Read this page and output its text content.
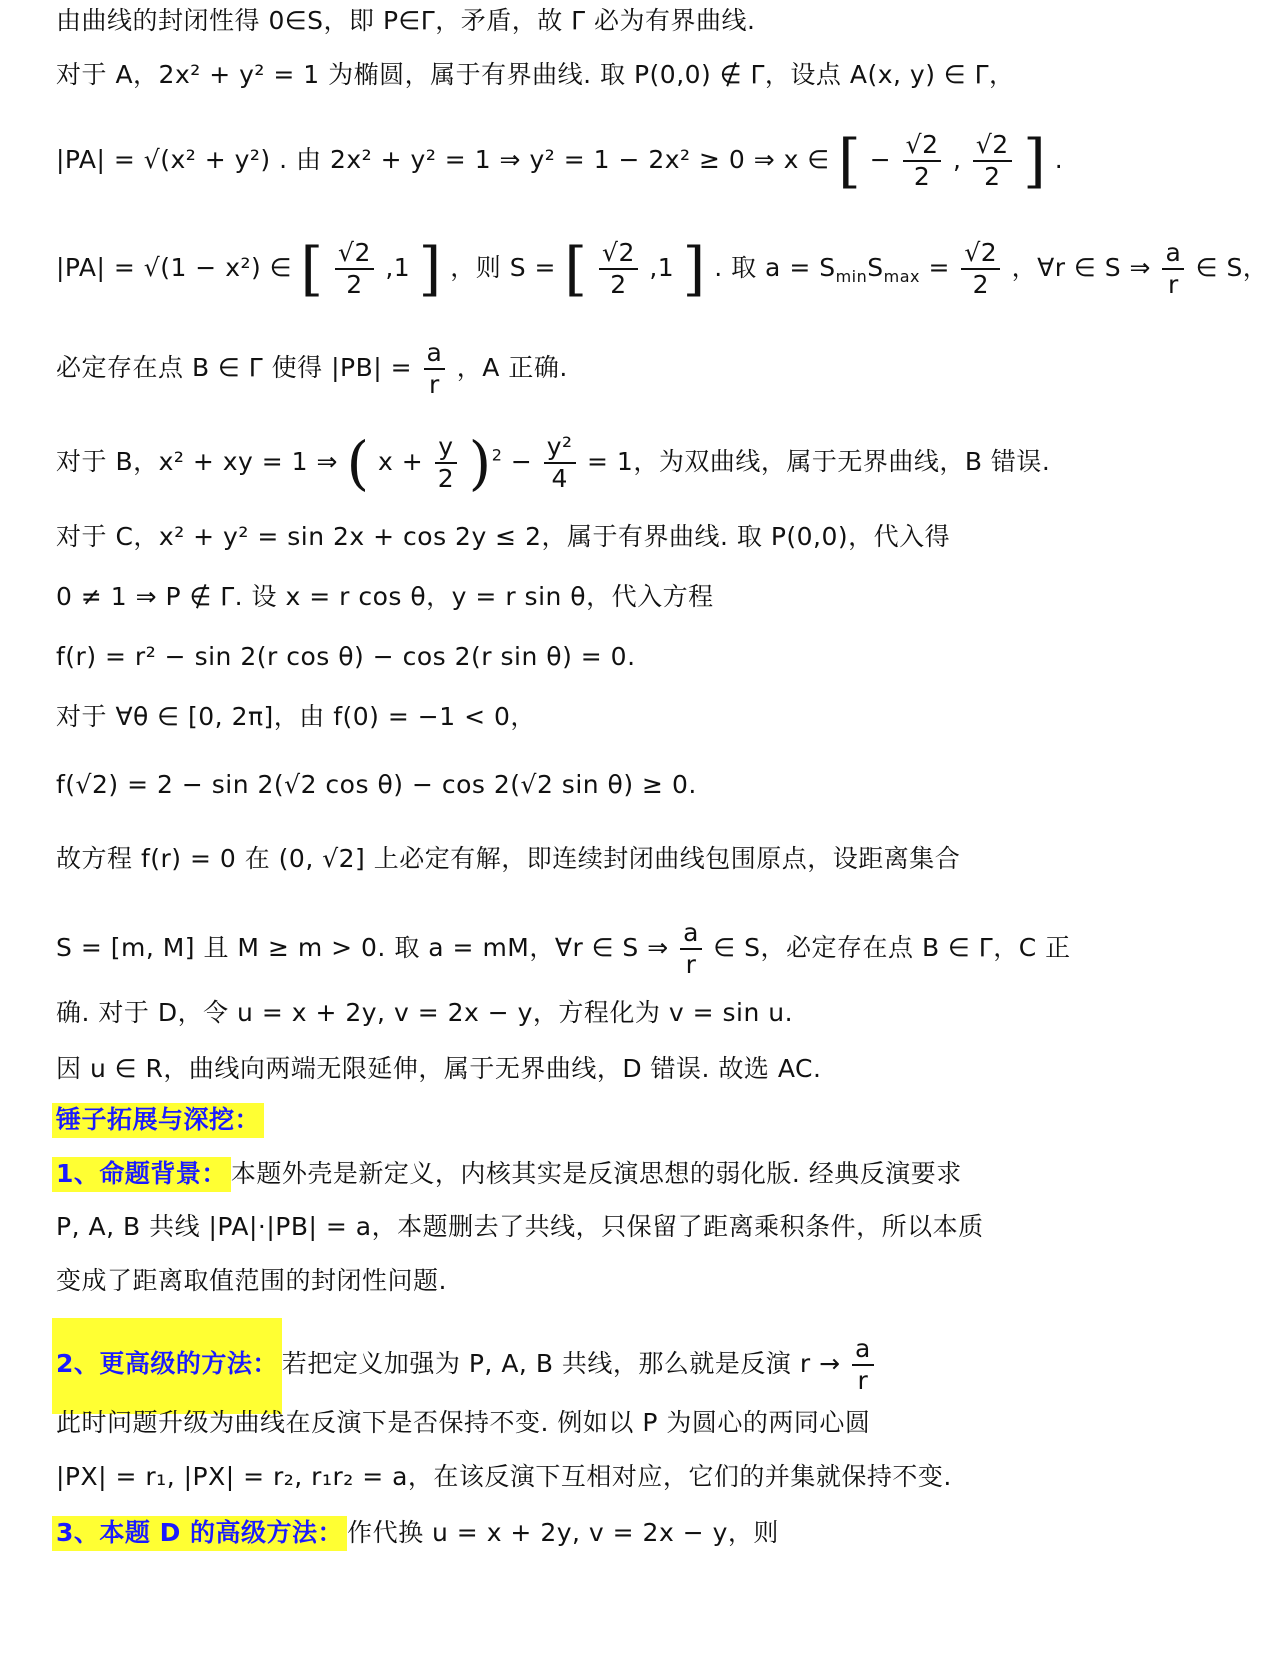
由曲线的封闭性得 0∈S，即 P∈Γ，矛盾，故 Γ 必为有界曲线.
对于 A，2x² + y² = 1 为椭圆，属于有界曲线. 取 P(0,0) ∉ Γ，设点 A(x, y) ∈ Γ，
|PA| = √(x² + y²) . 由 2x² + y² = 1 ⇒ y² = 1 − 2x² ≥ 0 ⇒ x ∈ [ − $\frac{√2}{2}$ , $\frac{√2}{2}$ ] .
|PA| = √(1 − x²) ∈ [ $\frac{√2}{2} ,1$ ] ，则 S = [ $\frac{√2}{2} ,1$ ] . 取 $a = S_{min}S_{max} = \frac{√2}{2}$ ，∀r ∈ S ⇒ $\frac{a}{r}$ ∈ S，
必定存在点 B ∈ Γ 使得 $|PB| = \frac{a}{r}$ ，A 正确.
对于 B，x² + xy = 1 ⇒ ( $x + \frac{y}{2} )^2 - \frac{\text{y²}}{4} = 1$，为双曲线，属于无界曲线，B 错误.
对于 C，x² + y² = sin 2x + cos 2y ≤ 2，属于有界曲线. 取 P(0,0)，代入得
0 ≠ 1 ⇒ P ∉ Γ. 设 x = r cos θ，y = r sin θ，代入方程
f(r) = r² − sin 2(r cos θ) − cos 2(r sin θ) = 0.
对于 ∀θ ∈ [0, 2π]，由 f(0) = −1 < 0，
f(√2) = 2 − sin 2(√2 cos θ) − cos 2(√2 sin θ) ≥ 0.
故方程 f(r) = 0 在 (0, √2] 上必定有解，即连续封闭曲线包围原点，设距离集合
S = [m, M] 且 M ≥ m > 0. 取 a = mM，∀r ∈ S ⇒ $\frac{a}{r}$ ∈ S，必定存在点 B ∈ Γ，C 正
确. 对于 D，令 u = x + 2y, v = 2x − y，方程化为 v = sin u.
因 u ∈ R，曲线向两端无限延伸，属于无界曲线，D 错误. 故选 AC.
锤子拓展与深挖：
1、命题背景： 本题外壳是新定义，内核其实是反演思想的弱化版. 经典反演要求
P, A, B 共线 |PA|·|PB| = a，本题删去了共线，只保留了距离乘积条件，所以本质
变成了距离取值范围的封闭性问题.
2、更高级的方法： 若把定义加强为 P, A, B 共线，那么就是反演 $r \to \frac{a}{r}$
此时问题升级为曲线在反演下是否保持不变. 例如以 P 为圆心的两同心圆
|PX| = r₁, |PX| = r₂, r₁r₂ = a，在该反演下互相对应，它们的并集就保持不变.
3、本题 D 的高级方法： 作代换 u = x + 2y, v = 2x − y，则
